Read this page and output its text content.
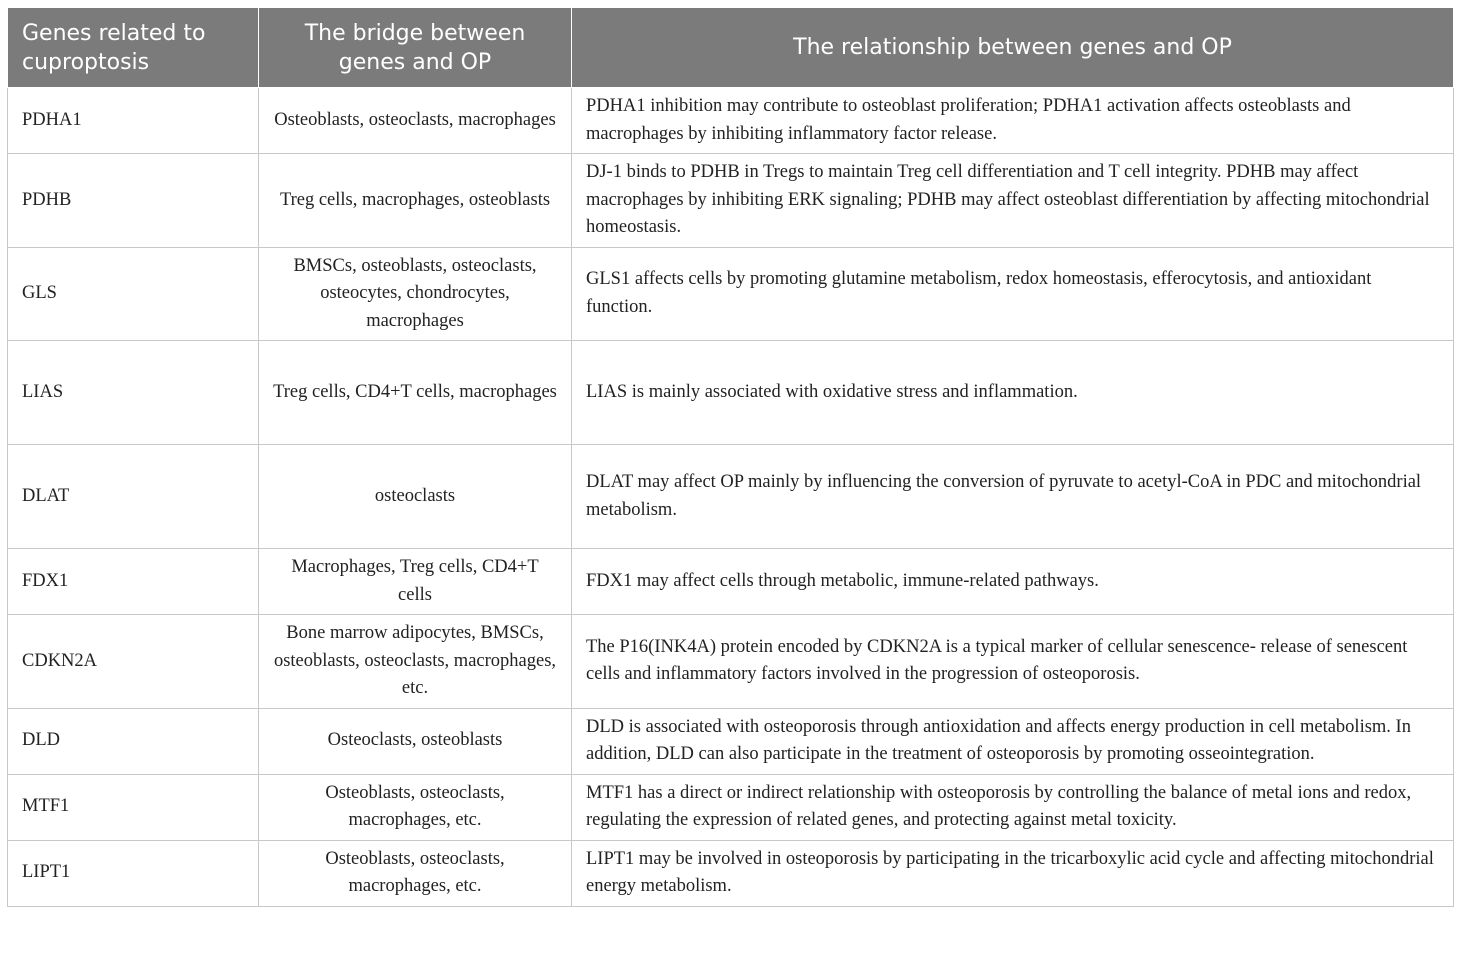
Genes related to cuproptosis	The bridge between genes and OP	The relationship between genes and OP
PDHA1	Osteoblasts, osteoclasts, macrophages	PDHA1 inhibition may contribute to osteoblast proliferation; PDHA1 activation affects osteoblasts and macrophages by inhibiting inflammatory factor release.
PDHB	Treg cells, macrophages, osteoblasts	DJ-1 binds to PDHB in Tregs to maintain Treg cell differentiation and T cell integrity. PDHB may affect macrophages by inhibiting ERK signaling; PDHB may affect osteoblast differentiation by affecting mitochondrial homeostasis.
GLS	BMSCs, osteoblasts, osteoclasts, osteocytes, chondrocytes, macrophages	GLS1 affects cells by promoting glutamine metabolism, redox homeostasis, efferocytosis, and antioxidant function.
LIAS	Treg cells, CD4+T cells, macrophages	LIAS is mainly associated with oxidative stress and inflammation.
DLAT	osteoclasts	DLAT may affect OP mainly by influencing the conversion of pyruvate to acetyl-CoA in PDC and mitochondrial metabolism.
FDX1	Macrophages, Treg cells, CD4+T cells	FDX1 may affect cells through metabolic, immune-related pathways.
CDKN2A	Bone marrow adipocytes, BMSCs, osteoblasts, osteoclasts, macrophages, etc.	The P16(INK4A) protein encoded by CDKN2A is a typical marker of cellular senescence- release of senescent cells and inflammatory factors involved in the progression of osteoporosis.
DLD	Osteoclasts, osteoblasts	DLD is associated with osteoporosis through antioxidation and affects energy production in cell metabolism. In addition, DLD can also participate in the treatment of osteoporosis by promoting osseointegration.
MTF1	Osteoblasts, osteoclasts, macrophages, etc.	MTF1 has a direct or indirect relationship with osteoporosis by controlling the balance of metal ions and redox, regulating the expression of related genes, and protecting against metal toxicity.
LIPT1	Osteoblasts, osteoclasts, macrophages, etc.	LIPT1 may be involved in osteoporosis by participating in the tricarboxylic acid cycle and affecting mitochondrial energy metabolism.
